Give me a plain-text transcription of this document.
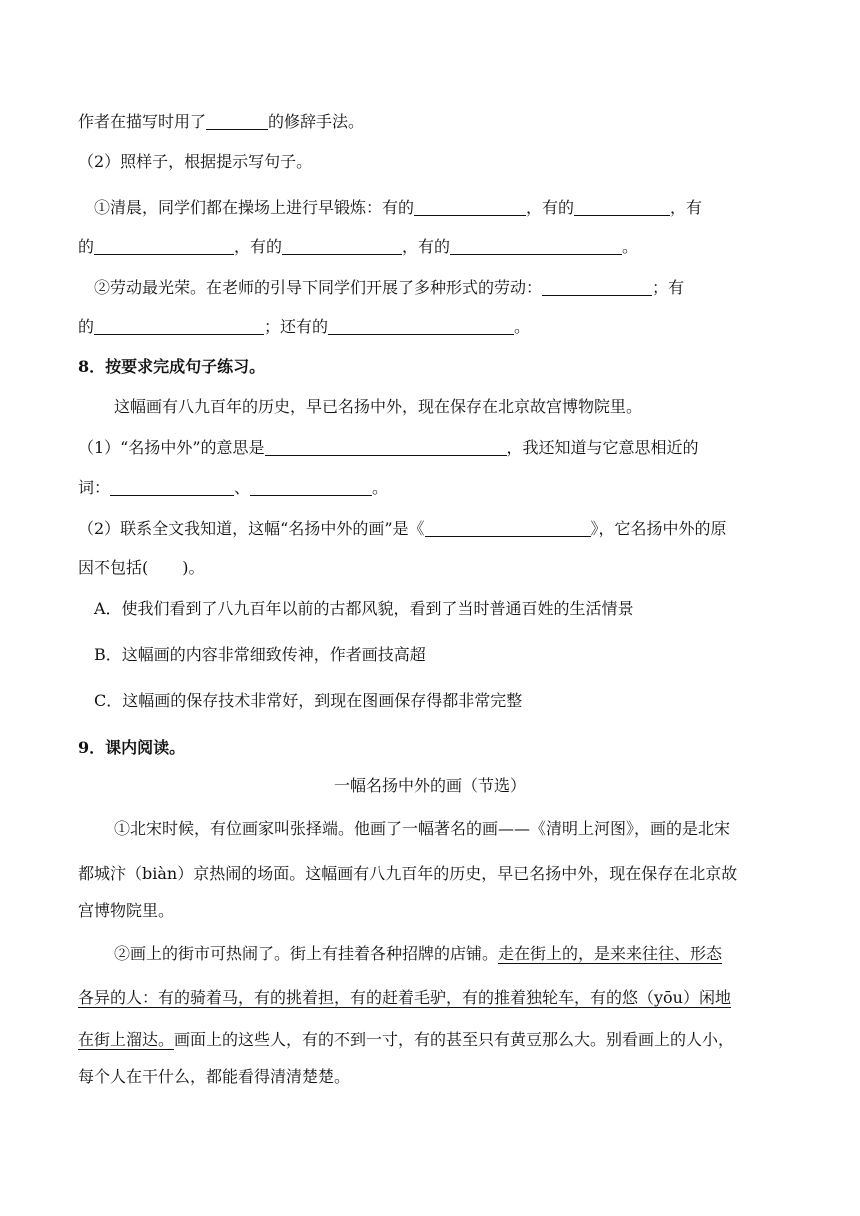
作者在描写时用了	的修辞手法。
（2）照样子，根据提示写句子。
①清晨，同学们都在操场上进行早锻炼：有的	，有的	，有
的	，有的	，有的	。
②劳动最光荣。在老师的引导下同学们开展了多种形式的劳动：	；有
的	；还有的	。
8．按要求完成句子练习。
这幅画有八九百年的历史，早已名扬中外，现在保存在北京故宫博物院里。
（1）“名扬中外”的意思是	，我还知道与它意思相近的
词：	、	。
（2）联系全文我知道，这幅“名扬中外的画”是《	》，它名扬中外的原
因不包括( )。
A．使我们看到了八九百年以前的古都风貌，看到了当时普通百姓的生活情景
B．这幅画的内容非常细致传神，作者画技高超
C．这幅画的保存技术非常好，到现在图画保存得都非常完整
9．课内阅读。
一幅名扬中外的画（节选）
①北宋时候，有位画家叫张择端。他画了一幅著名的画——《清明上河图》，画的是北宋
都城汴（biàn）京热闹的场面。这幅画有八九百年的历史，早已名扬中外，现在保存在北京故
宫博物院里。
②画上的街市可热闹了。街上有挂着各种招牌的店铺。走在街上的，是来来往往、形态
各异的人：有的骑着马，有的挑着担，有的赶着毛驴，有的推着独轮车，有的悠（yōu）闲地
在街上溜达。画面上的这些人，有的不到一寸，有的甚至只有黄豆那么大。别看画上的人小，
每个人在干什么，都能看得清清楚楚。
